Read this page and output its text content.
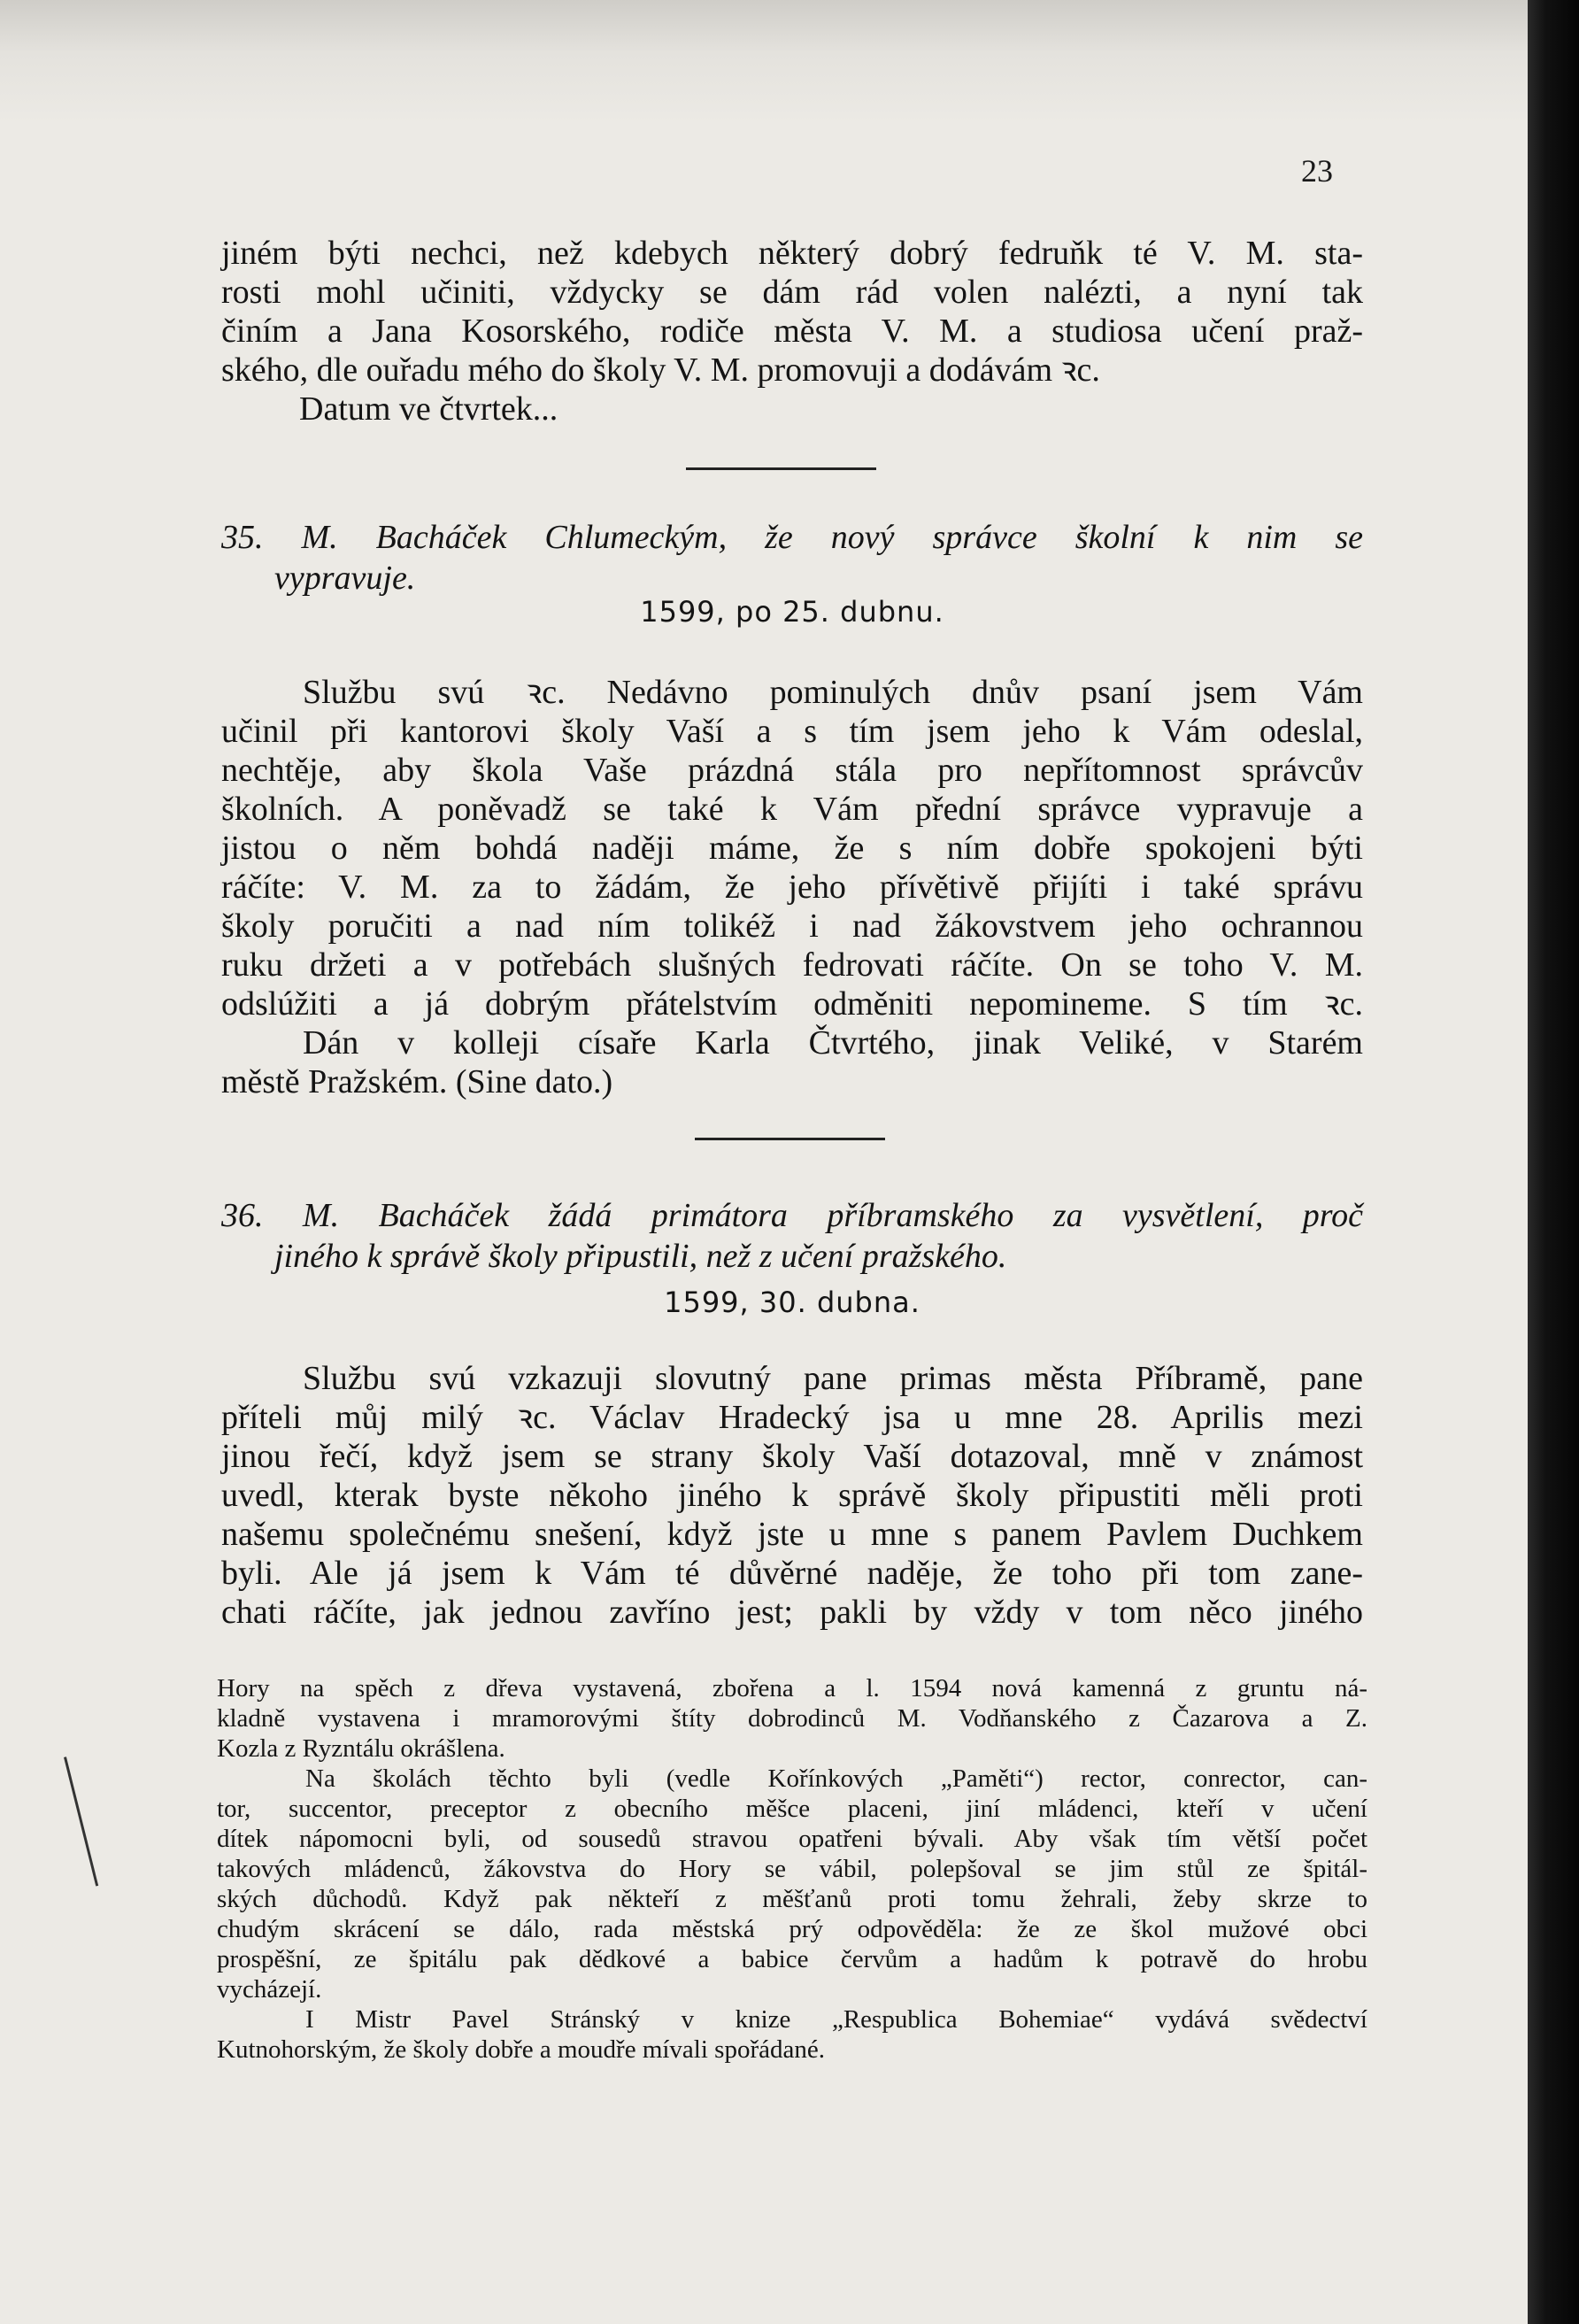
23
jiném býti nechci, než kdebych některý dobrý fedruňk té V. M. sta-
rosti mohl učiniti, vždycky se dám rád volen nalézti, a nyní tak
činím a Jana Kosorského, rodiče města V. M. a studiosa učení praž-
ského, dle ouřadu mého do školy V. M. promovuji a dodávám ꝛc.
Datum ve čtvrtek...
35. M. Bacháček Chlumeckým, že nový správce školní k nim se
vypravuje.
1599, po 25. dubnu.
Službu svú ꝛc. Nedávno pominulých dnův psaní jsem Vám
učinil při kantorovi školy Vaší a s tím jsem jeho k Vám odeslal,
nechtěje, aby škola Vaše prázdná stála pro nepřítomnost správcův
školních. A poněvadž se také k Vám přední správce vypravuje a
jistou o něm bohdá naději máme, že s ním dobře spokojeni býti
ráčíte: V. M. za to žádám, že jeho přívětivě přijíti i také správu
školy poručiti a nad ním tolikéž i nad žákovstvem jeho ochrannou
ruku držeti a v potřebách slušných fedrovati ráčíte. On se toho V. M.
odslúžiti a já dobrým přátelstvím odměniti nepomineme. S tím ꝛc.
Dán v kolleji císaře Karla Čtvrtého, jinak Veliké, v Starém
městě Pražském. (Sine dato.)
36. M. Bacháček žádá primátora příbramského za vysvětlení, proč
jiného k správě školy připustili, než z učení pražského.
1599, 30. dubna.
Službu svú vzkazuji slovutný pane primas města Příbramě, pane
příteli můj milý ꝛc. Václav Hradecký jsa u mne 28. Aprilis mezi
jinou řečí, když jsem se strany školy Vaší dotazoval, mně v známost
uvedl, kterak byste někoho jiného k správě školy připustiti měli proti
našemu společnému snešení, když jste u mne s panem Pavlem Duchkem
byli. Ale já jsem k Vám té důvěrné naděje, že toho při tom zane-
chati ráčíte, jak jednou zavříno jest; pakli by vždy v tom něco jiného
Hory na spěch z dřeva vystavená, zbořena a l. 1594 nová kamenná z gruntu ná-
kladně vystavena i mramorovými štíty dobrodinců M. Vodňanského z Čazarova a Z.
Kozla z Ryzntálu okrášlena.
Na školách těchto byli (vedle Kořínkových „Paměti“) rector, conrector, can-
tor, succentor, preceptor z obecního měšce placeni, jiní mládenci, kteří v učení
dítek nápomocni byli, od sousedů stravou opatřeni bývali. Aby však tím větší počet
takových mládenců, žákovstva do Hory se vábil, polepšoval se jim stůl ze špitál-
ských důchodů. Když pak někteří z měšťanů proti tomu žehrali, žeby skrze to
chudým skrácení se dálo, rada městská prý odpověděla: že ze škol mužové obci
prospěšní, ze špitálu pak dědkové a babice červům a hadům k potravě do hrobu
vycházejí.
I Mistr Pavel Stránský v knize „Respublica Bohemiae“ vydává svědectví
Kutnohorským, že školy dobře a moudře mívali spořádané.
